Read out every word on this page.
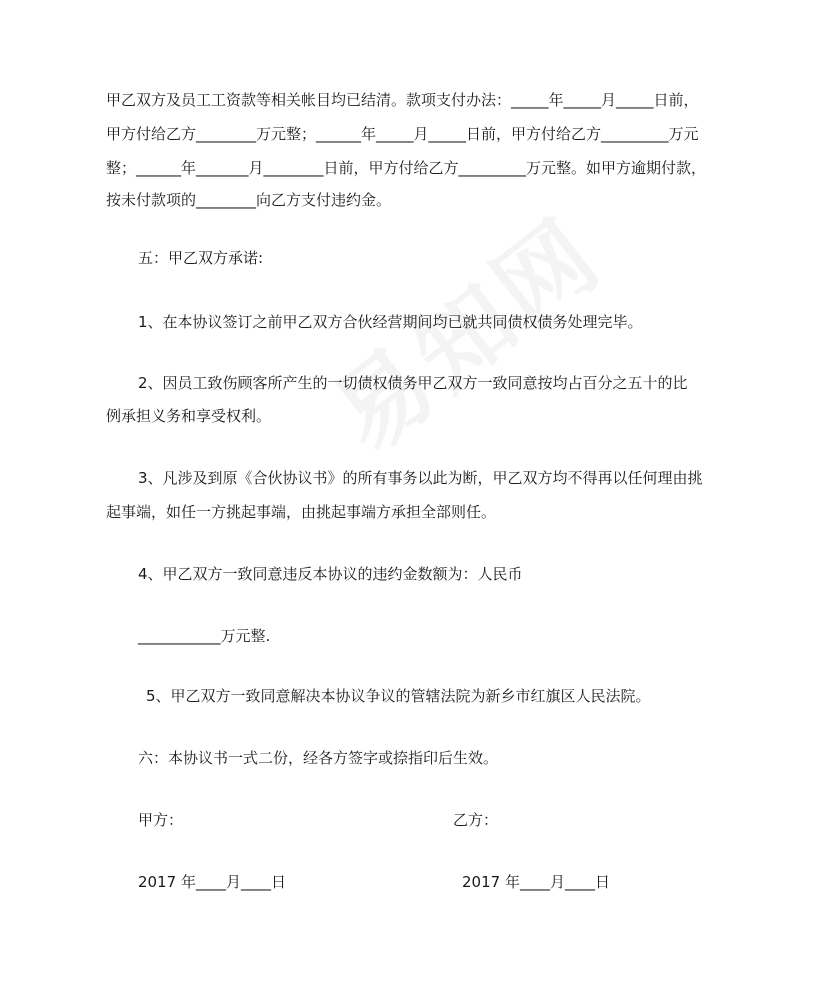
甲乙双方及员工工资款等相关帐目均已结清。款项支付办法：_____年_____月_____日前，
甲方付给乙方________万元整；______年_____月_____日前，甲方付给乙方_________万元
整；______年_______月________日前，甲方付给乙方_________万元整。如甲方逾期付款，
按未付款项的________向乙方支付违约金。
五：甲乙双方承诺:
1、在本协议签订之前甲乙双方合伙经营期间均已就共同债权债务处理完毕。
2、因员工致伤顾客所产生的一切债权债务甲乙双方一致同意按均占百分之五十的比
例承担义务和享受权利。
3、凡涉及到原《合伙协议书》的所有事务以此为断，甲乙双方均不得再以任何理由挑
起事端，如任一方挑起事端，由挑起事端方承担全部则任。
4、甲乙双方一致同意违反本协议的违约金数额为：人民币
___________万元整.
5、甲乙双方一致同意解决本协议争议的管辖法院为新乡市红旗区人民法院。
六：本协议书一式二份，经各方签字或捺指印后生效。
甲方：	乙方：
2017 年____月____日	2017 年____月____日
